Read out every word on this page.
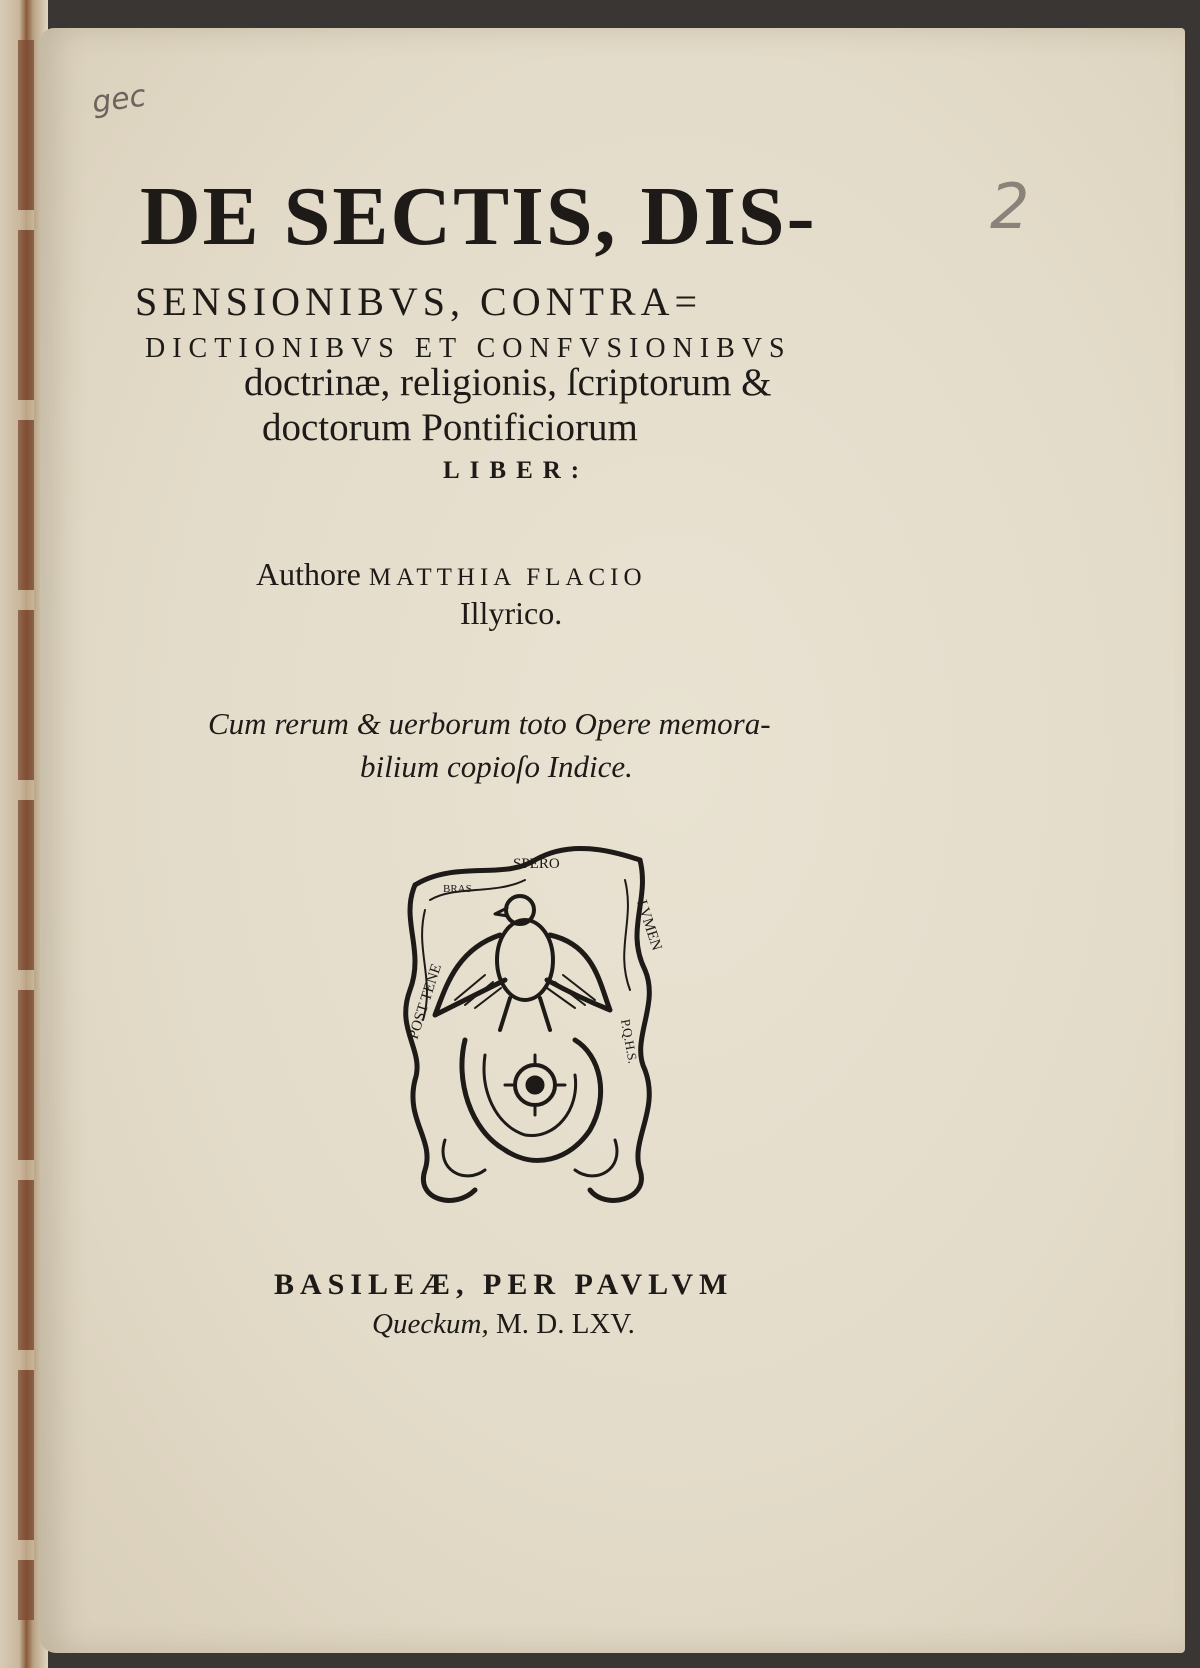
gec
2
DE SECTIS, DIS-
SENSIONIBVS, CONTRA=
DICTIONIBVS ET CONFVSIONIBVS
doctrinæ, religionis, ſcriptorum &
doctorum Pontificiorum
LIBER:
Authore MATTHIA FLACIO
Illyrico.
Cum rerum & uerborum toto Opere memora-
bilium copioſo Indice.
SPERO
BRAS
LVMEN
POST TENE
P.Q.H.S.
BASILEÆ, PER PAVLVM
Queckum, M. D. LXV.
